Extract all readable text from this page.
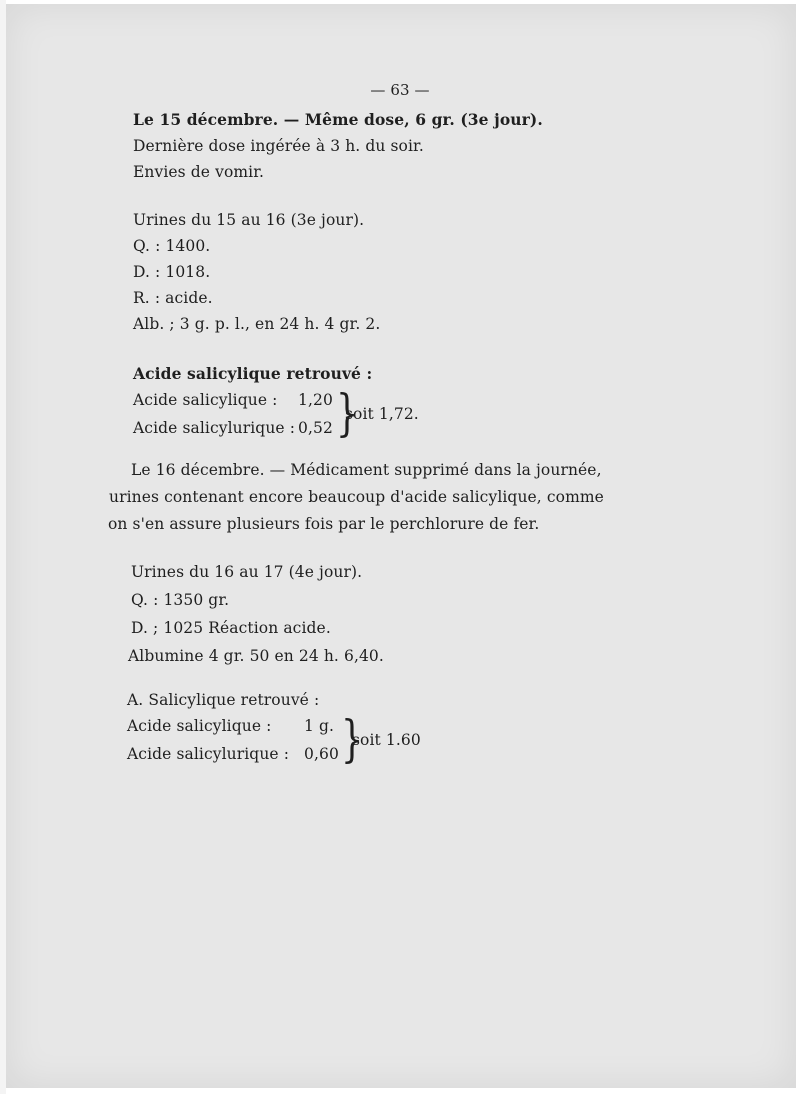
— 63 —
Le 15 décembre. — Même dose, 6 gr. (3e jour).
Dernière dose ingérée à 3 h. du soir.
Envies de vomir.
Urines du 15 au 16 (3e jour).
Q. : 1400.
D. : 1018.
R. : acide.
Alb. ; 3 g. p. l., en 24 h. 4 gr. 2.
Acide salicylique retrouvé :
Acide salicylique : 1,20
Acide salicylurique : 0,52 }
soit 1,72.
Le 16 décembre. — Médicament supprimé dans la journée,
urines contenant encore beaucoup d'acide salicylique, comme
on s'en assure plusieurs fois par le perchlorure de fer.
Urines du 16 au 17 (4e jour).
Q. : 1350 gr.
D. ; 1025 Réaction acide.
Albumine 4 gr. 50 en 24 h. 6,40.
A. Salicylique retrouvé :
Acide salicylique : 1 g.
Acide salicylurique : 0,60 }
soit 1.60
